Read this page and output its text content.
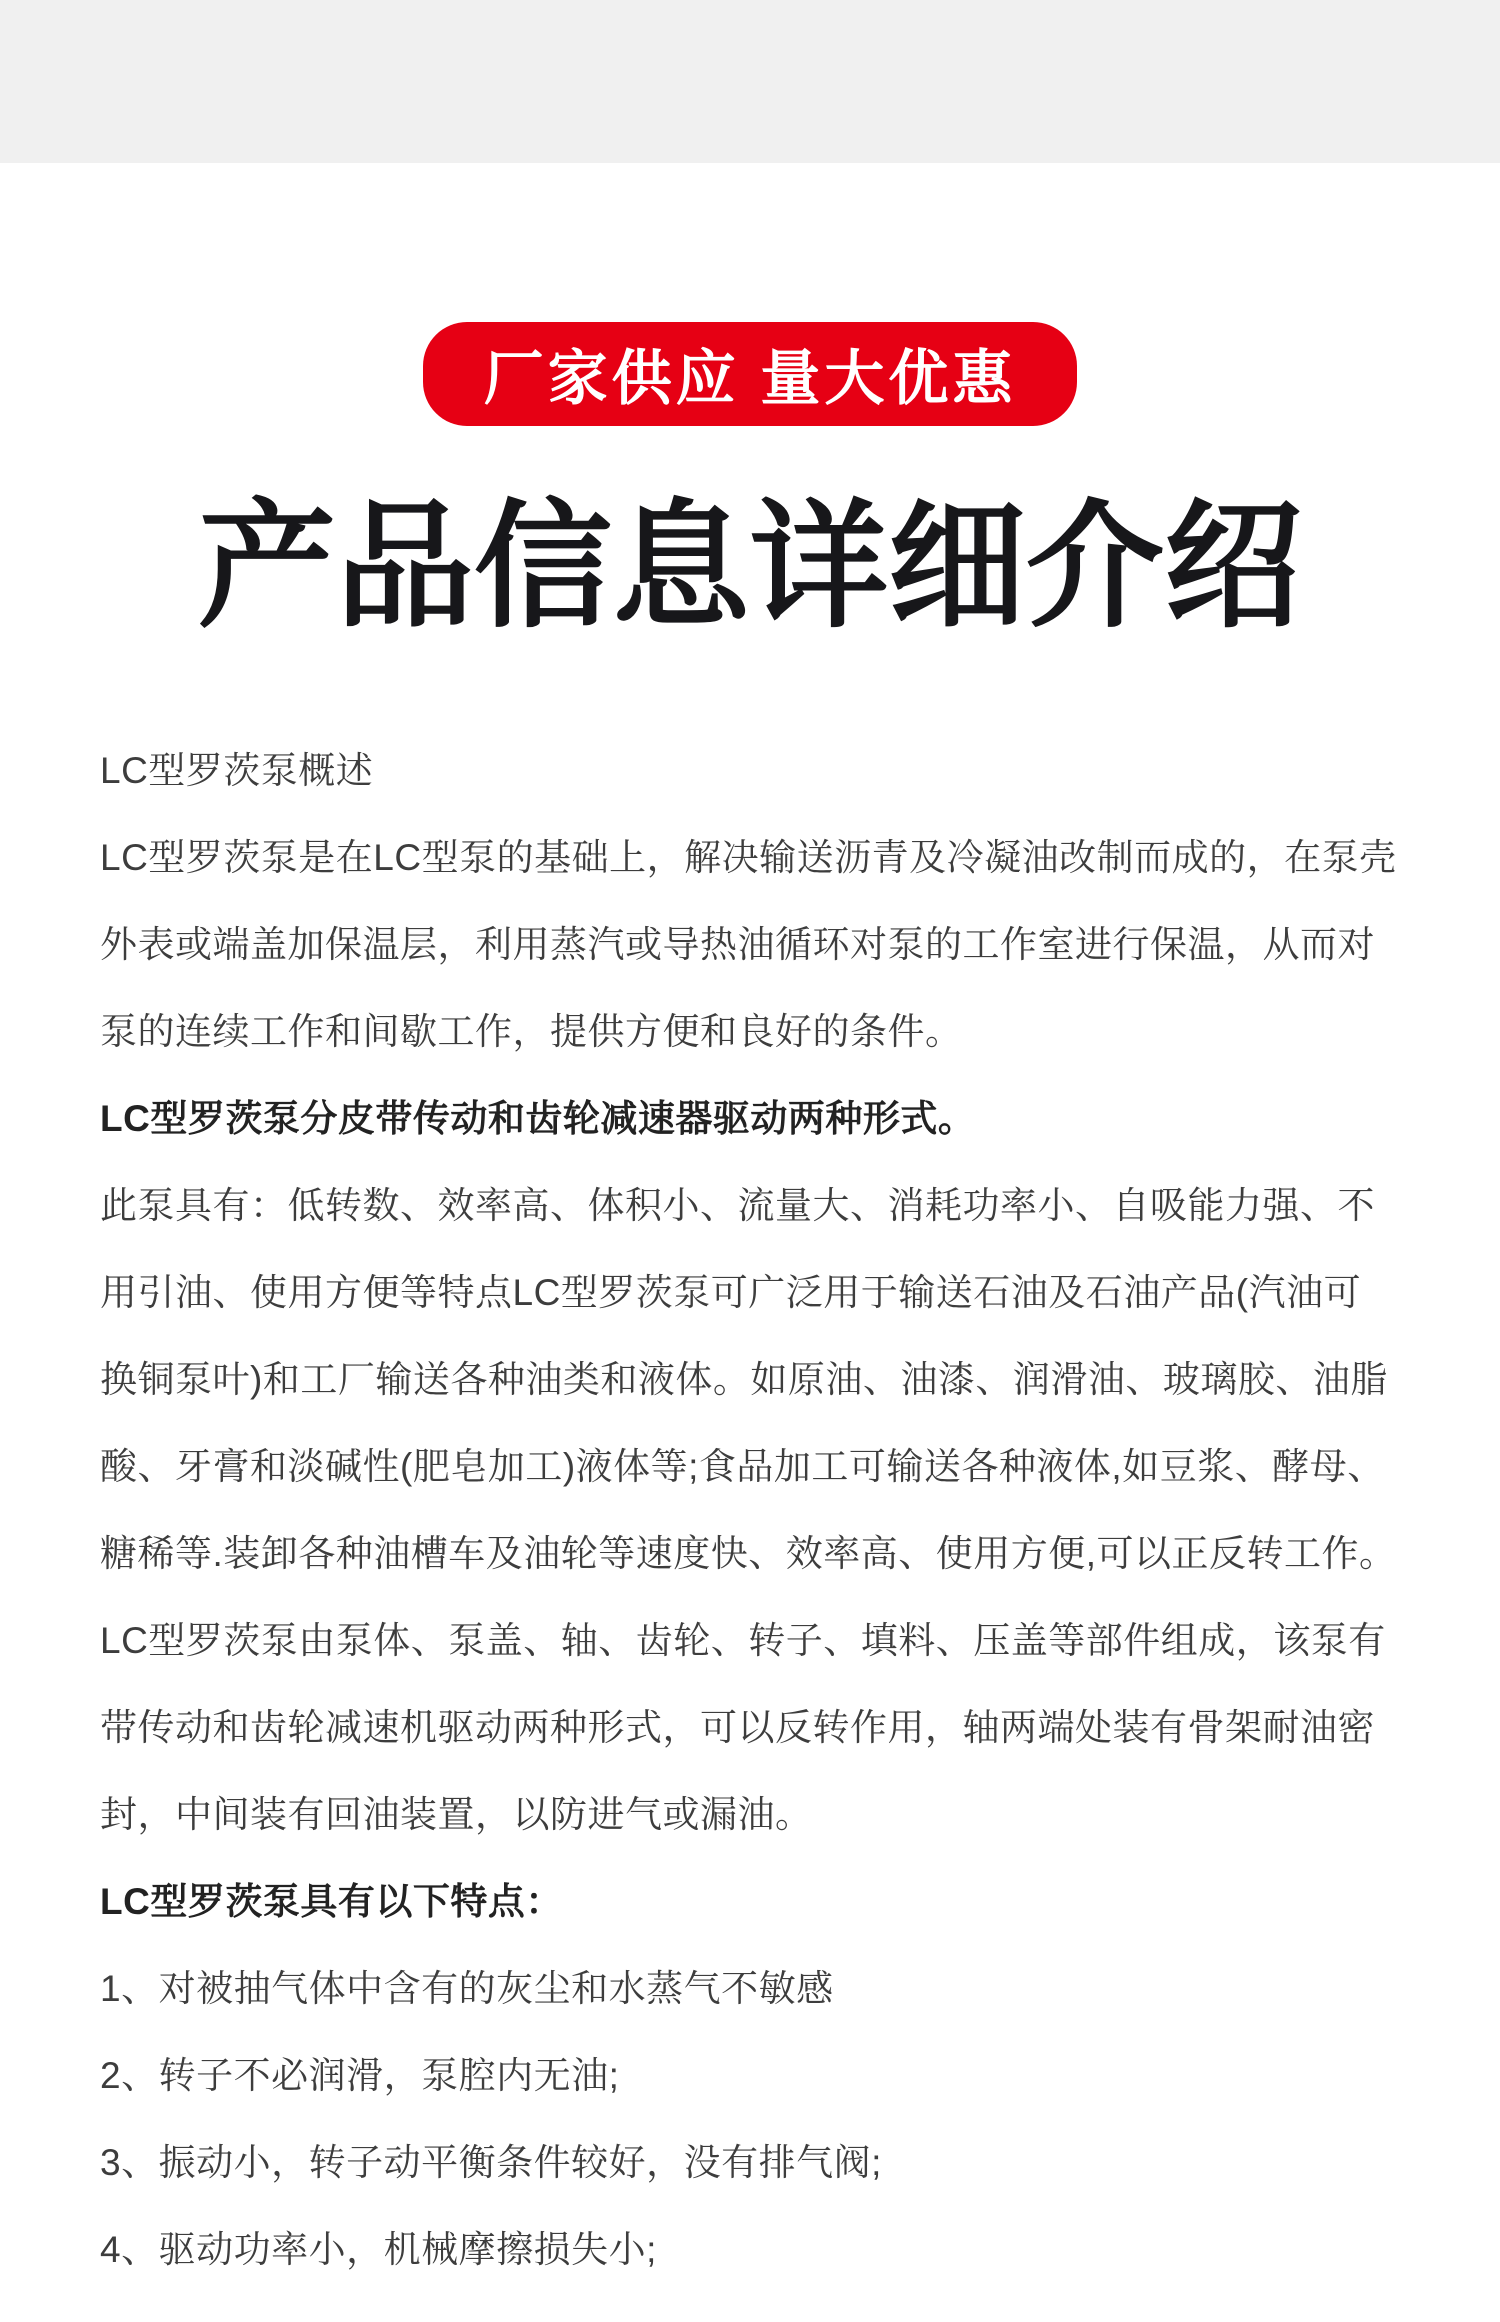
厂家供应 量大优惠
产品信息详细介绍
LC型罗茨泵概述
LC型罗茨泵是在LC型泵的基础上，解决输送沥青及冷凝油改制而成的，在泵壳
外表或端盖加保温层，利用蒸汽或导热油循环对泵的工作室进行保温，从而对
泵的连续工作和间歇工作，提供方便和良好的条件。
LC型罗茨泵分皮带传动和齿轮减速器驱动两种形式。
此泵具有：低转数、效率高、体积小、流量大、消耗功率小、自吸能力强、不
用引油、使用方便等特点LC型罗茨泵可广泛用于输送石油及石油产品(汽油可
换铜泵叶)和工厂输送各种油类和液体。如原油、油漆、润滑油、玻璃胶、油脂
酸、牙膏和淡碱性(肥皂加工)液体等;食品加工可输送各种液体,如豆浆、酵母、
糖稀等.装卸各种油槽车及油轮等速度快、效率高、使用方便,可以正反转工作。
LC型罗茨泵由泵体、泵盖、轴、齿轮、转子、填料、压盖等部件组成，该泵有
带传动和齿轮减速机驱动两种形式，可以反转作用，轴两端处装有骨架耐油密
封，中间装有回油装置，以防进气或漏油。
LC型罗茨泵具有以下特点：
1、对被抽气体中含有的灰尘和水蒸气不敏感
2、转子不必润滑，泵腔内无油;
3、振动小，转子动平衡条件较好，没有排气阀;
4、驱动功率小，机械摩擦损失小;
